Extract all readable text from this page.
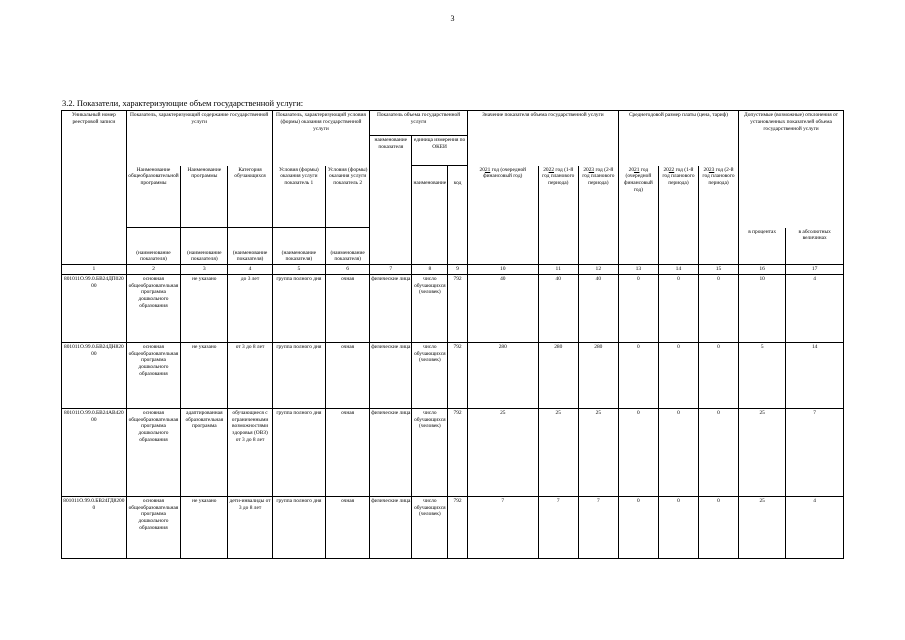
3
3.2. Показатели, характеризующие объем государственной услуги:
Уникальный номер реестровой записи	Показатель, характеризующий содержание государственной услуги			Показатель, характеризующий условия (формы) оказания государственной услуги		Показатель объема государственной услуги			Значение показателя объема государственной услуги			Среднегодовой размер платы (цена, тариф)			Допустимые (возможные) отклонения от установленных показателей объема государственной услуги	
						наименование показателя	единица измерения по ОКЕИ									
	Наименование общеобразовательной программы	Наименование программы	Категория обучающихся	Условия (формы) оказания услуги показатель 1	Условия (формы) оказания услуги показатель 2		наименование	код	2021 год (очередной финансовый год)	2022 год (1-й год планового периода)	2023 год (2-й год планового периода)	2021 год (очередной финансовый год)	2022 год (1-й год планового периода)	2023 год (2-й год планового периода)		
	(наименование показателя)	(наименование показателя)	(наименование показателя)	(наименование показателя)	(наименование показателя)										в процентах	в абсолютных величинах
1	2	3	4	5	6	7	8	9	10	11	12	13	14	15	16	17
801011О.99.0.БВ24ДП02000	основная общеобразовательная программа дошкольного образования	не указано	до 3 лет	группа полного дня	очная	физические лица	число обучающихся (человек)	792	40	40	40	0	0	0	10	4
801011О.99.0.БВ24ДН82000	основная общеобразовательная программа дошкольного образования	не указано	от 3 до 8 лет	группа полного дня	очная	физические лица	число обучающихся (человек)	792	280	280	280	0	0	0	5	14
801011О.99.0.БВ24АВ42000	основная общеобразовательная программа дошкольного образования	адаптированная образовательная программа	обучающиеся с ограниченными возможностями здоровья (ОВЗ) от 3 до 8 лет	группа полного дня	очная	физические лица	число обучающихся (человек)	792	25	25	25	0	0	0	25	7
801011О.99.0.БВ24ГД82000	основная общеобразовательная программа дошкольного образования	не указано	дети-инвалиды от 3 до 8 лет	группа полного дня	очная	физические лица	число обучающихся (человек)	792	7	7	7	0	0	0	25	4
